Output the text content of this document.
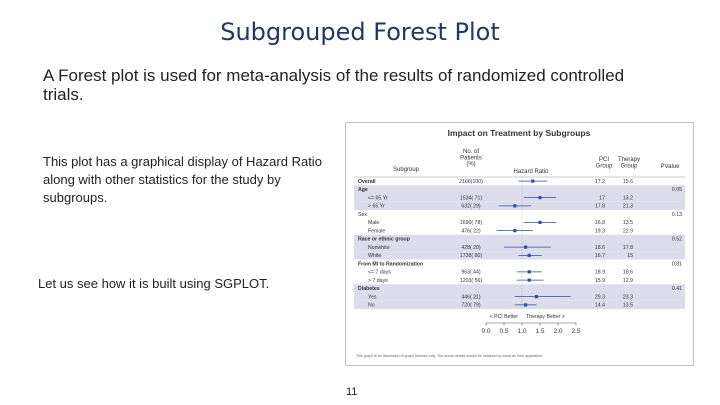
Subgrouped Forest Plot
A Forest plot is used for meta-analysis of the results of randomized controlled trials.
This plot has a graphical display of Hazard Ratio along with other statistics for the study by subgroups.
Let us see how it is built using SGPLOT.
11
Impact on Treatment by Subgroups
Subgroup
No. of
Patients
(%)
Hazard Ratio
PCI
Group
Therapy
Group	PValue
Overall	2166(100)	17.2	15.6
Age	0.05
<= 65 Yr	1534( 71)	17	13.2
> 65 Yr	632( 29)	17.8	21.3
Sex	0.13
Male	1690( 78)	16.8	13.5
Female	476( 22)	19.3	22.9
Race or ethnic group	0.52
Nonwhite	428( 20)	18.6	17.8
White	1738( 80)	16.7	15
From MI to Randomization	0.81
<= 7 days	963( 44)	18.9	18.6
> 7 days	1203( 56)	15.9	12.9
Diabetes	0.41
Yes	446( 21)	29.3	23.3
No	720( 79)	14.4	13.5
< PCI Better Therapy Better >
0.0 0.5 1.0 1.5 2.0 2.5
This graph is for discussion of graph features only. The actual details should be obtained by users as their application.
